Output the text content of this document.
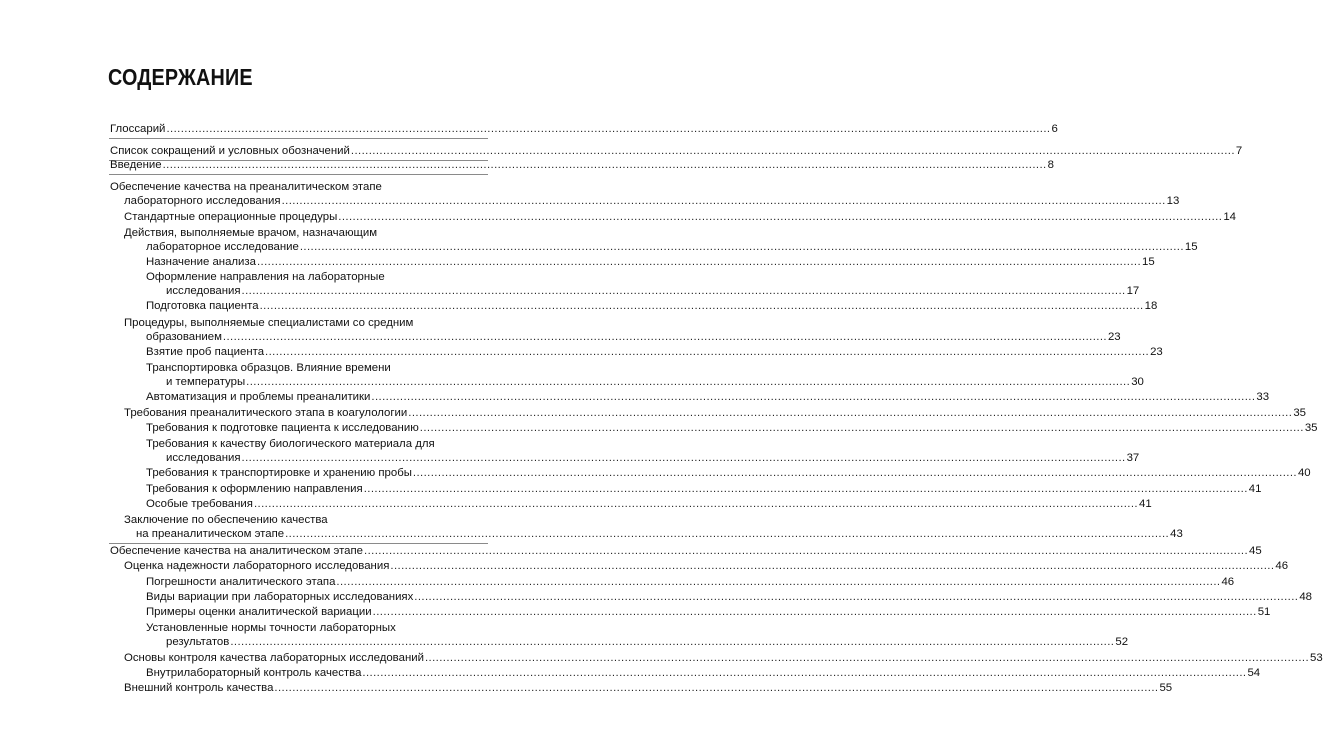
СОДЕРЖАНИЕ
Глоссарий .....	6
Список сокращений и условных обозначений .....	7
Введение .....	8
Обеспечение качества на преаналитическом этапе
лабораторного исследования .....	13
Стандартные операционные процедуры .....	14
Действия, выполняемые врачом, назначающим
лабораторное исследование .....	15
Назначение анализа .....	15
Оформление направления на лабораторные
исследования .....	17
Подготовка пациента .....	18
Процедуры, выполняемые специалистами со средним
образованием .....	23
Взятие проб пациента .....	23
Транспортировка образцов. Влияние времени
и температуры .....	30
Автоматизация и проблемы преаналитики .....	33
Требования преаналитического этапа в коагулологии .....	35
Требования к подготовке пациента к исследованию .....	35
Требования к качеству биологического материала для
исследования .....	37
Требования к транспортировке и хранению пробы .....	40
Требования к оформлению направления .....	41
Особые требования .....	41
Заключение по обеспечению качества
на преаналитическом этапе .....	43
Обеспечение качества на аналитическом этапе .....	45
Оценка надежности лабораторного исследования .....	46
Погрешности аналитического этапа .....	46
Виды вариации при лабораторных исследованиях .....	48
Примеры оценки аналитической вариации .....	51
Установленные нормы точности лабораторных
результатов .....	52
Основы контроля качества лабораторных исследований .....	53
Внутрилабораторный контроль качества .....	54
Внешний контроль качества .....	55
